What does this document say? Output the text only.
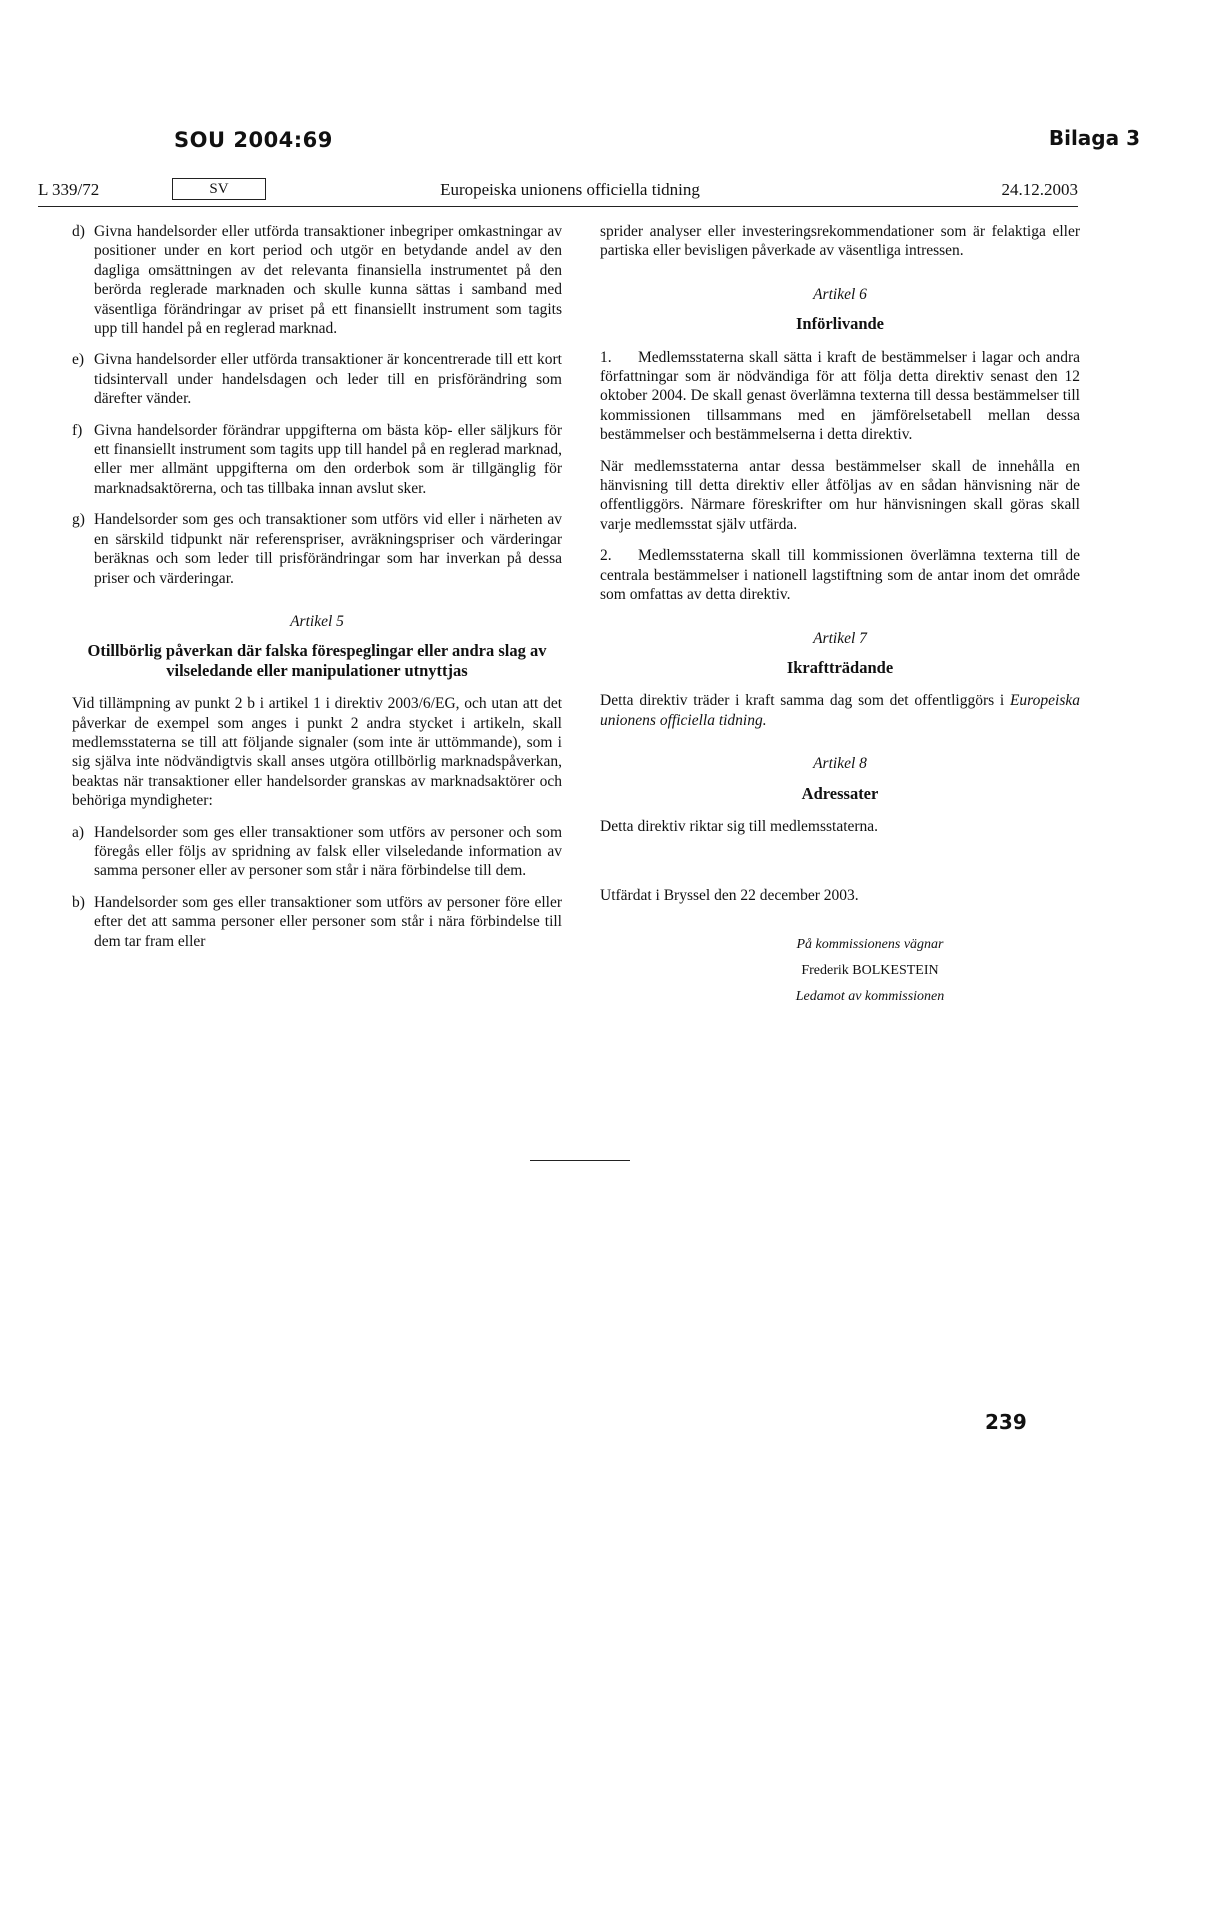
SOU 2004:69	Bilaga 3
L 339/72	SV	Europeiska unionens officiella tidning	24.12.2003
d) Givna handelsorder eller utförda transaktioner inbegriper omkastningar av positioner under en kort period och utgör en betydande andel av den dagliga omsättningen av det relevanta finansiella instrumentet på den berörda reglerade marknaden och skulle kunna sättas i samband med väsentliga förändringar av priset på ett finansiellt instrument som tagits upp till handel på en reglerad marknad.
e) Givna handelsorder eller utförda transaktioner är koncentrerade till ett kort tidsintervall under handelsdagen och leder till en prisförändring som därefter vänder.
f) Givna handelsorder förändrar uppgifterna om bästa köp- eller säljkurs för ett finansiellt instrument som tagits upp till handel på en reglerad marknad, eller mer allmänt uppgifterna om den orderbok som är tillgänglig för marknadsaktörerna, och tas tillbaka innan avslut sker.
g) Handelsorder som ges och transaktioner som utförs vid eller i närheten av en särskild tidpunkt när referenspriser, avräkningspriser och värderingar beräknas och som leder till prisförändringar som har inverkan på dessa priser och värderingar.
Artikel 5
Otillbörlig påverkan där falska förespeglingar eller andra slag av vilseledande eller manipulationer utnyttjas

Vid tillämpning av punkt 2 b i artikel 1 i direktiv 2003/6/EG, och utan att det påverkar de exempel som anges i punkt 2 andra stycket i artikeln, skall medlemsstaterna se till att följande signaler (som inte är uttömmande), som i sig själva inte nödvändigtvis skall anses utgöra otillbörlig marknadspåverkan, beaktas när transaktioner eller handelsorder granskas av marknadsaktörer och behöriga myndigheter:

a) Handelsorder som ges eller transaktioner som utförs av personer och som föregås eller följs av spridning av falsk eller vilseledande information av samma personer eller av personer som står i nära förbindelse till dem.
b) Handelsorder som ges eller transaktioner som utförs av personer före eller efter det att samma personer eller personer som står i nära förbindelse till dem tar fram eller

sprider analyser eller investeringsrekommendationer som är felaktiga eller partiska eller bevisligen påverkade av väsentliga intressen.

Artikel 6
Införlivande

1. Medlemsstaterna skall sätta i kraft de bestämmelser i lagar och andra författningar som är nödvändiga för att följa detta direktiv senast den 12 oktober 2004. De skall genast överlämna texterna till dessa bestämmelser till kommissionen tillsammans med en jämförelsetabell mellan dessa bestämmelser och bestämmelserna i detta direktiv.

När medlemsstaterna antar dessa bestämmelser skall de innehålla en hänvisning till detta direktiv eller åtföljas av en sådan hänvisning när de offentliggörs. Närmare föreskrifter om hur hänvisningen skall göras skall varje medlemsstat själv utfärda.

2. Medlemsstaterna skall till kommissionen överlämna texterna till de centrala bestämmelser i nationell lagstiftning som de antar inom det område som omfattas av detta direktiv.

Artikel 7
Ikraftträdande

Detta direktiv träder i kraft samma dag som det offentliggörs i Europeiska unionens officiella tidning.

Artikel 8
Adressater

Detta direktiv riktar sig till medlemsstaterna.

Utfärdat i Bryssel den 22 december 2003.

På kommissionens vägnar
Frederik BOLKESTEIN
Ledamot av kommissionen
239
